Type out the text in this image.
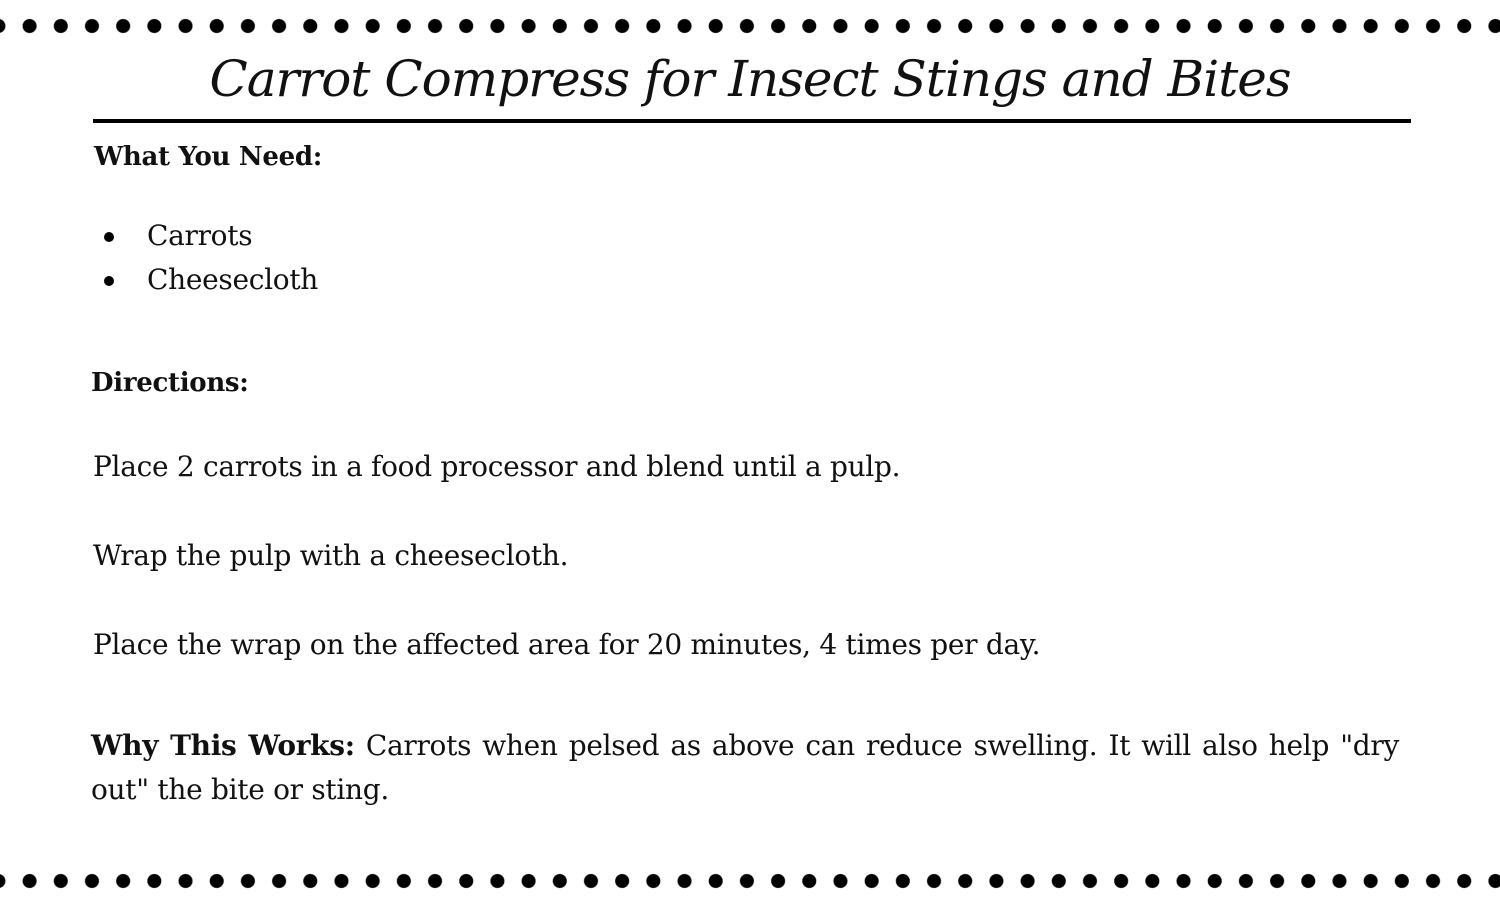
Carrot Compress for Insect Stings and Bites
What You Need:
Carrots
Cheesecloth
Directions:

Place 2 carrots in a food processor and blend until a pulp.

Wrap the pulp with a cheesecloth.

Place the wrap on the affected area for 20 minutes, 4 times per day.

Why This Works: Carrots when pelsed as above can reduce swelling. It will also help "dry out" the bite or sting.
